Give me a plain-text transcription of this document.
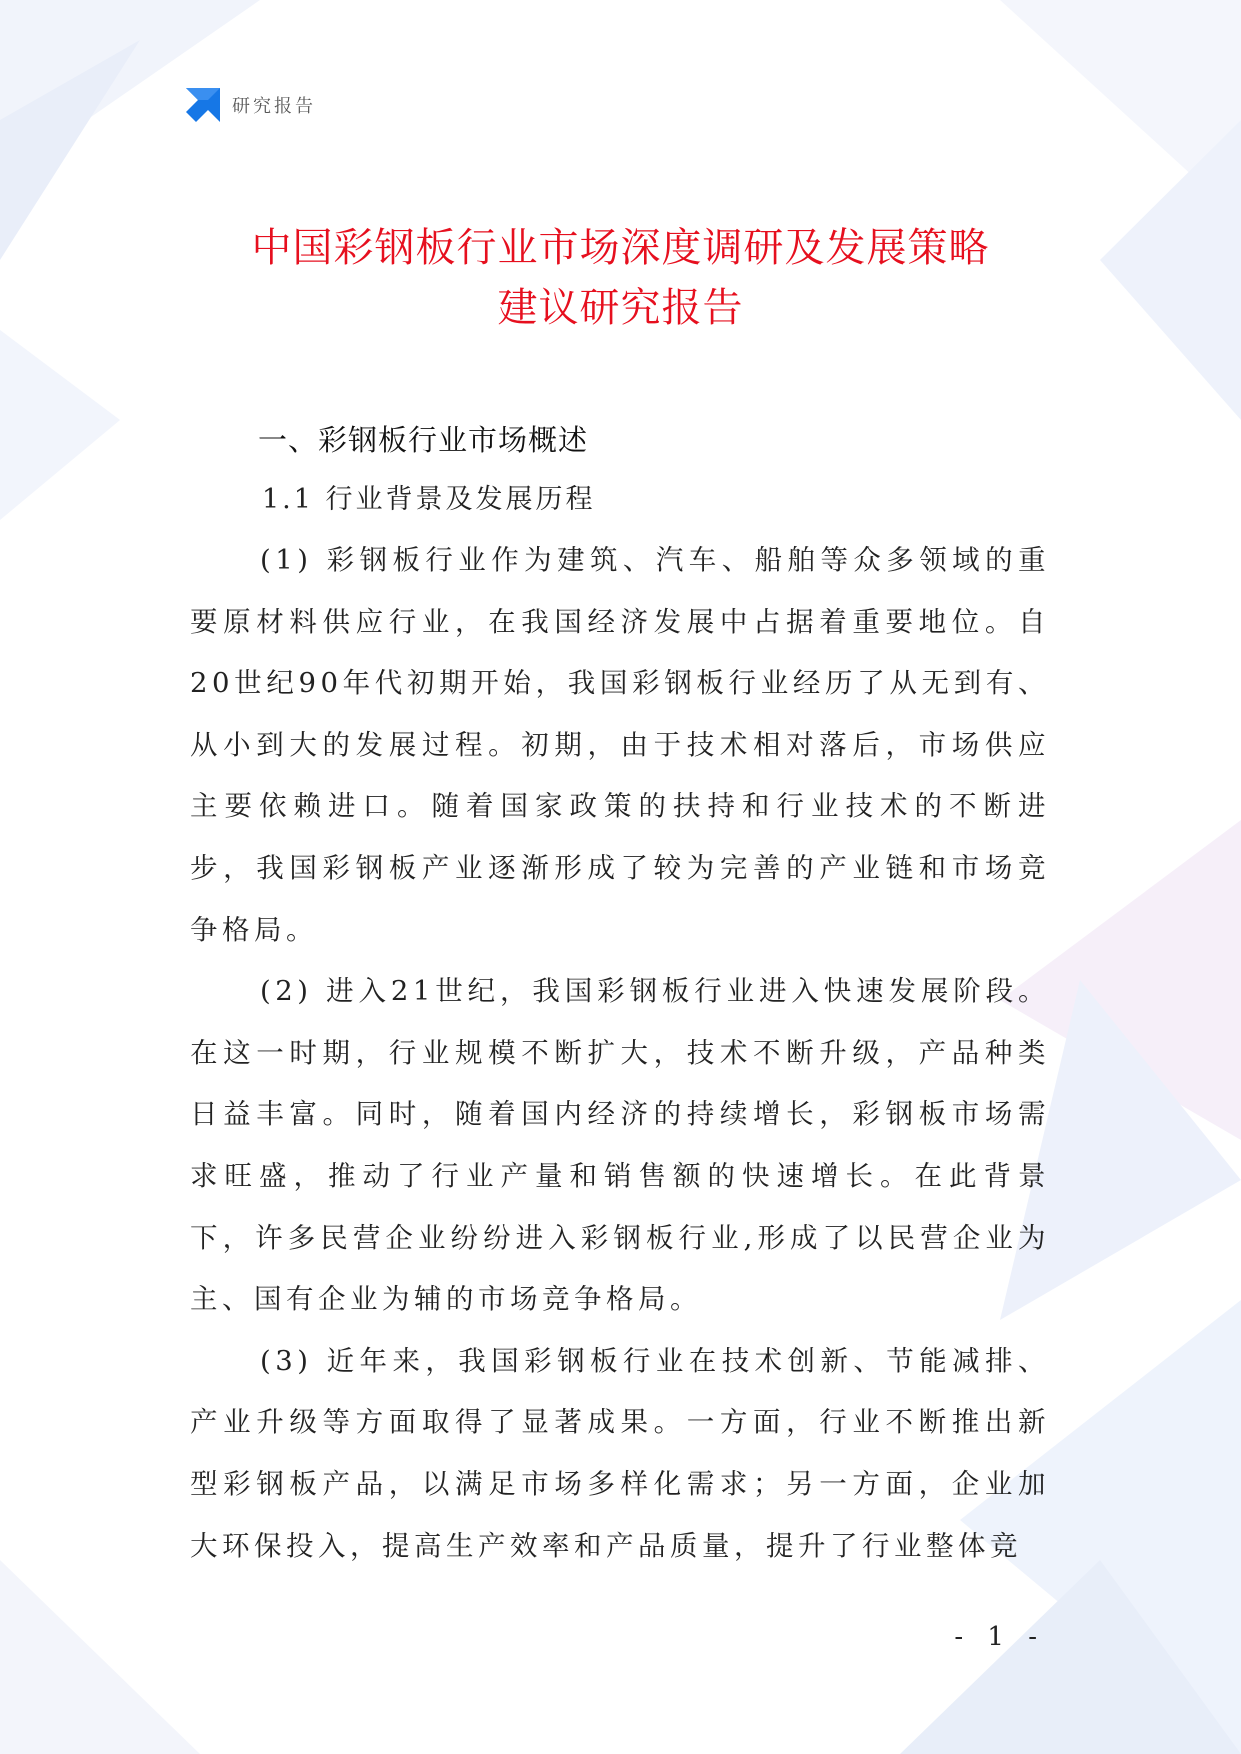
研究报告
中国彩钢板行业市场深度调研及发展策略
建议研究报告
一、彩钢板行业市场概述
1.1 行业背景及发展历程

(1) 彩钢板行业作为建筑、汽车、船舶等众多领域的重要原材料供应行业，在我国经济发展中占据着重要地位。自20世纪90年代初期开始，我国彩钢板行业经历了从无到有、从小到大的发展过程。初期，由于技术相对落后，市场供应主要依赖进口。随着国家政策的扶持和行业技术的不断进步，我国彩钢板产业逐渐形成了较为完善的产业链和市场竞争格局。

(2) 进入21世纪，我国彩钢板行业进入快速发展阶段。在这一时期，行业规模不断扩大，技术不断升级，产品种类日益丰富。同时，随着国内经济的持续增长，彩钢板市场需求旺盛，推动了行业产量和销售额的快速增长。在此背景下，许多民营企业纷纷进入彩钢板行业,形成了以民营企业为主、国有企业为辅的市场竞争格局。

(3) 近年来，我国彩钢板行业在技术创新、节能减排、产业升级等方面取得了显著成果。一方面，行业不断推出新型彩钢板产品，以满足市场多样化需求；另一方面，企业加大环保投入，提高生产效率和产品质量，提升了行业整体竞

- 1 -
